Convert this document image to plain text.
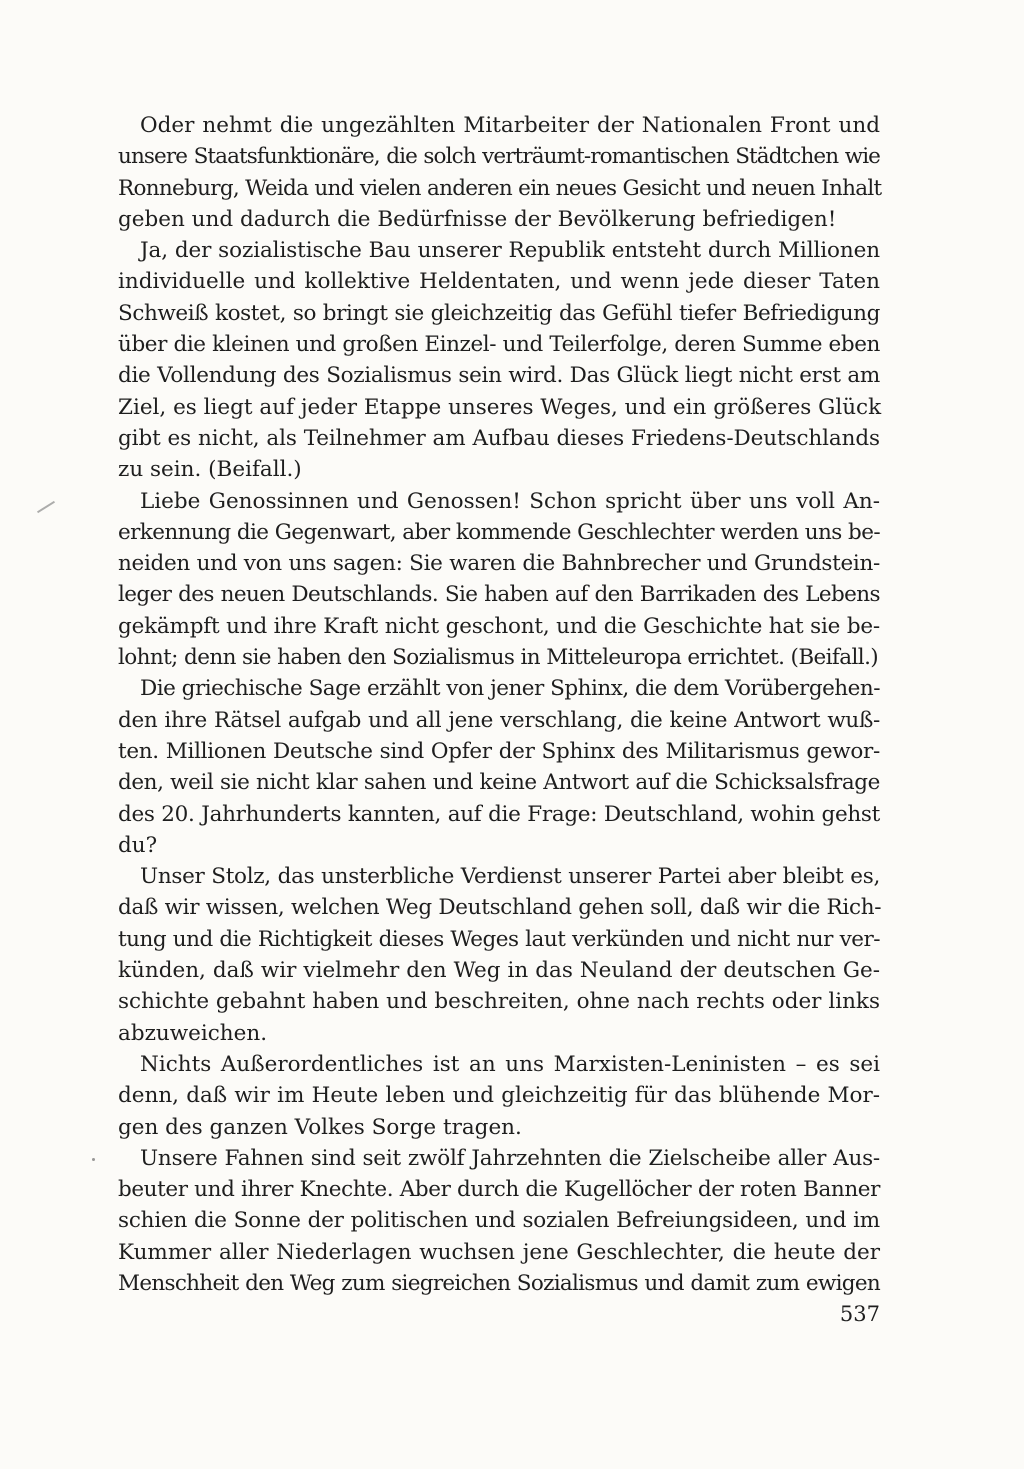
Oder nehmt die ungezählten Mitarbeiter der Nationalen Front und
unsere Staatsfunktionäre, die solch verträumt-romantischen Städtchen wie
Ronneburg, Weida und vielen anderen ein neues Gesicht und neuen Inhalt
geben und dadurch die Bedürfnisse der Bevölkerung befriedigen!
Ja, der sozialistische Bau unserer Republik entsteht durch Millionen
individuelle und kollektive Heldentaten, und wenn jede dieser Taten
Schweiß kostet, so bringt sie gleichzeitig das Gefühl tiefer Befriedigung
über die kleinen und großen Einzel- und Teilerfolge, deren Summe eben
die Vollendung des Sozialismus sein wird. Das Glück liegt nicht erst am
Ziel, es liegt auf jeder Etappe unseres Weges, und ein größeres Glück
gibt es nicht, als Teilnehmer am Aufbau dieses Friedens-Deutschlands
zu sein. (Beifall.)
Liebe Genossinnen und Genossen! Schon spricht über uns voll An-
erkennung die Gegenwart, aber kommende Geschlechter werden uns be-
neiden und von uns sagen: Sie waren die Bahnbrecher und Grundstein-
leger des neuen Deutschlands. Sie haben auf den Barrikaden des Lebens
gekämpft und ihre Kraft nicht geschont, und die Geschichte hat sie be-
lohnt; denn sie haben den Sozialismus in Mitteleuropa errichtet. (Beifall.)
Die griechische Sage erzählt von jener Sphinx, die dem Vorübergehen-
den ihre Rätsel aufgab und all jene verschlang, die keine Antwort wuß-
ten. Millionen Deutsche sind Opfer der Sphinx des Militarismus gewor-
den, weil sie nicht klar sahen und keine Antwort auf die Schicksalsfrage
des 20. Jahrhunderts kannten, auf die Frage: Deutschland, wohin gehst
du?
Unser Stolz, das unsterbliche Verdienst unserer Partei aber bleibt es,
daß wir wissen, welchen Weg Deutschland gehen soll, daß wir die Rich-
tung und die Richtigkeit dieses Weges laut verkünden und nicht nur ver-
künden, daß wir vielmehr den Weg in das Neuland der deutschen Ge-
schichte gebahnt haben und beschreiten, ohne nach rechts oder links
abzuweichen.
Nichts Außerordentliches ist an uns Marxisten-Leninisten – es sei
denn, daß wir im Heute leben und gleichzeitig für das blühende Mor-
gen des ganzen Volkes Sorge tragen.
Unsere Fahnen sind seit zwölf Jahrzehnten die Zielscheibe aller Aus-
beuter und ihrer Knechte. Aber durch die Kugellöcher der roten Banner
schien die Sonne der politischen und sozialen Befreiungsideen, und im
Kummer aller Niederlagen wuchsen jene Geschlechter, die heute der
Menschheit den Weg zum siegreichen Sozialismus und damit zum ewigen
537
